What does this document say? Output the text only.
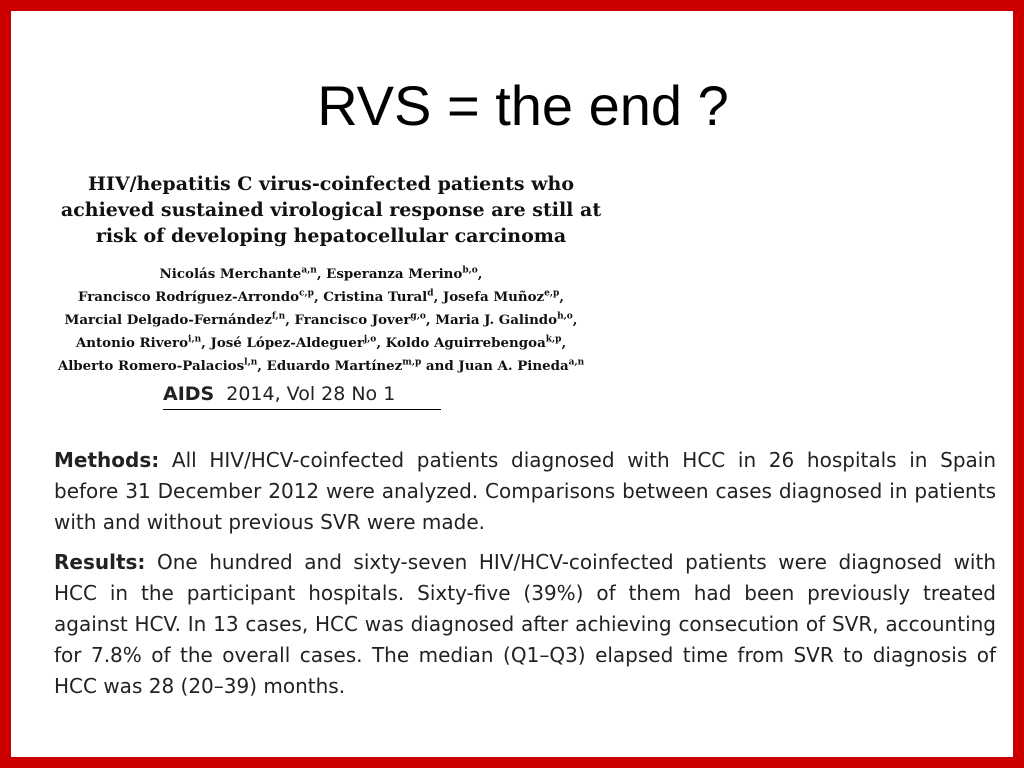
RVS = the end ?
HIV/hepatitis C virus-coinfected patients who achieved sustained virological response are still at risk of developing hepatocellular carcinoma
Nicolás Merchante$^{a,n}$, Esperanza Merino$^{b,o}$,
Francisco Rodríguez-Arrondo$^{c,p}$, Cristina Tural$^d$, Josefa Muñoz$^{e,p}$,
Marcial Delgado-Fernández$^{f,n}$, Francisco Jover$^{g,o}$, Maria J. Galindo$^{h,o}$,
Antonio Rivero$^{i,n}$, José López-Aldeguer$^{j,o}$, Koldo Aguirrebengoa$^{k,p}$,
Alberto Romero-Palacios$^{l,n}$, Eduardo Martínez$^{m,p}$ and Juan A. Pineda$^{a,n}$
AIDS 2014, Vol 28 No 1
Methods: All HIV/HCV-coinfected patients diagnosed with HCC in 26 hospitals in Spain before 31 December 2012 were analyzed. Comparisons between cases diagnosed in patients with and without previous SVR were made.
Results: One hundred and sixty-seven HIV/HCV-coinfected patients were diagnosed with HCC in the participant hospitals. Sixty-five (39%) of them had been previously treated against HCV. In 13 cases, HCC was diagnosed after achieving consecution of SVR, accounting for 7.8% of the overall cases. The median (Q1–Q3) elapsed time from SVR to diagnosis of HCC was 28 (20–39) months.
